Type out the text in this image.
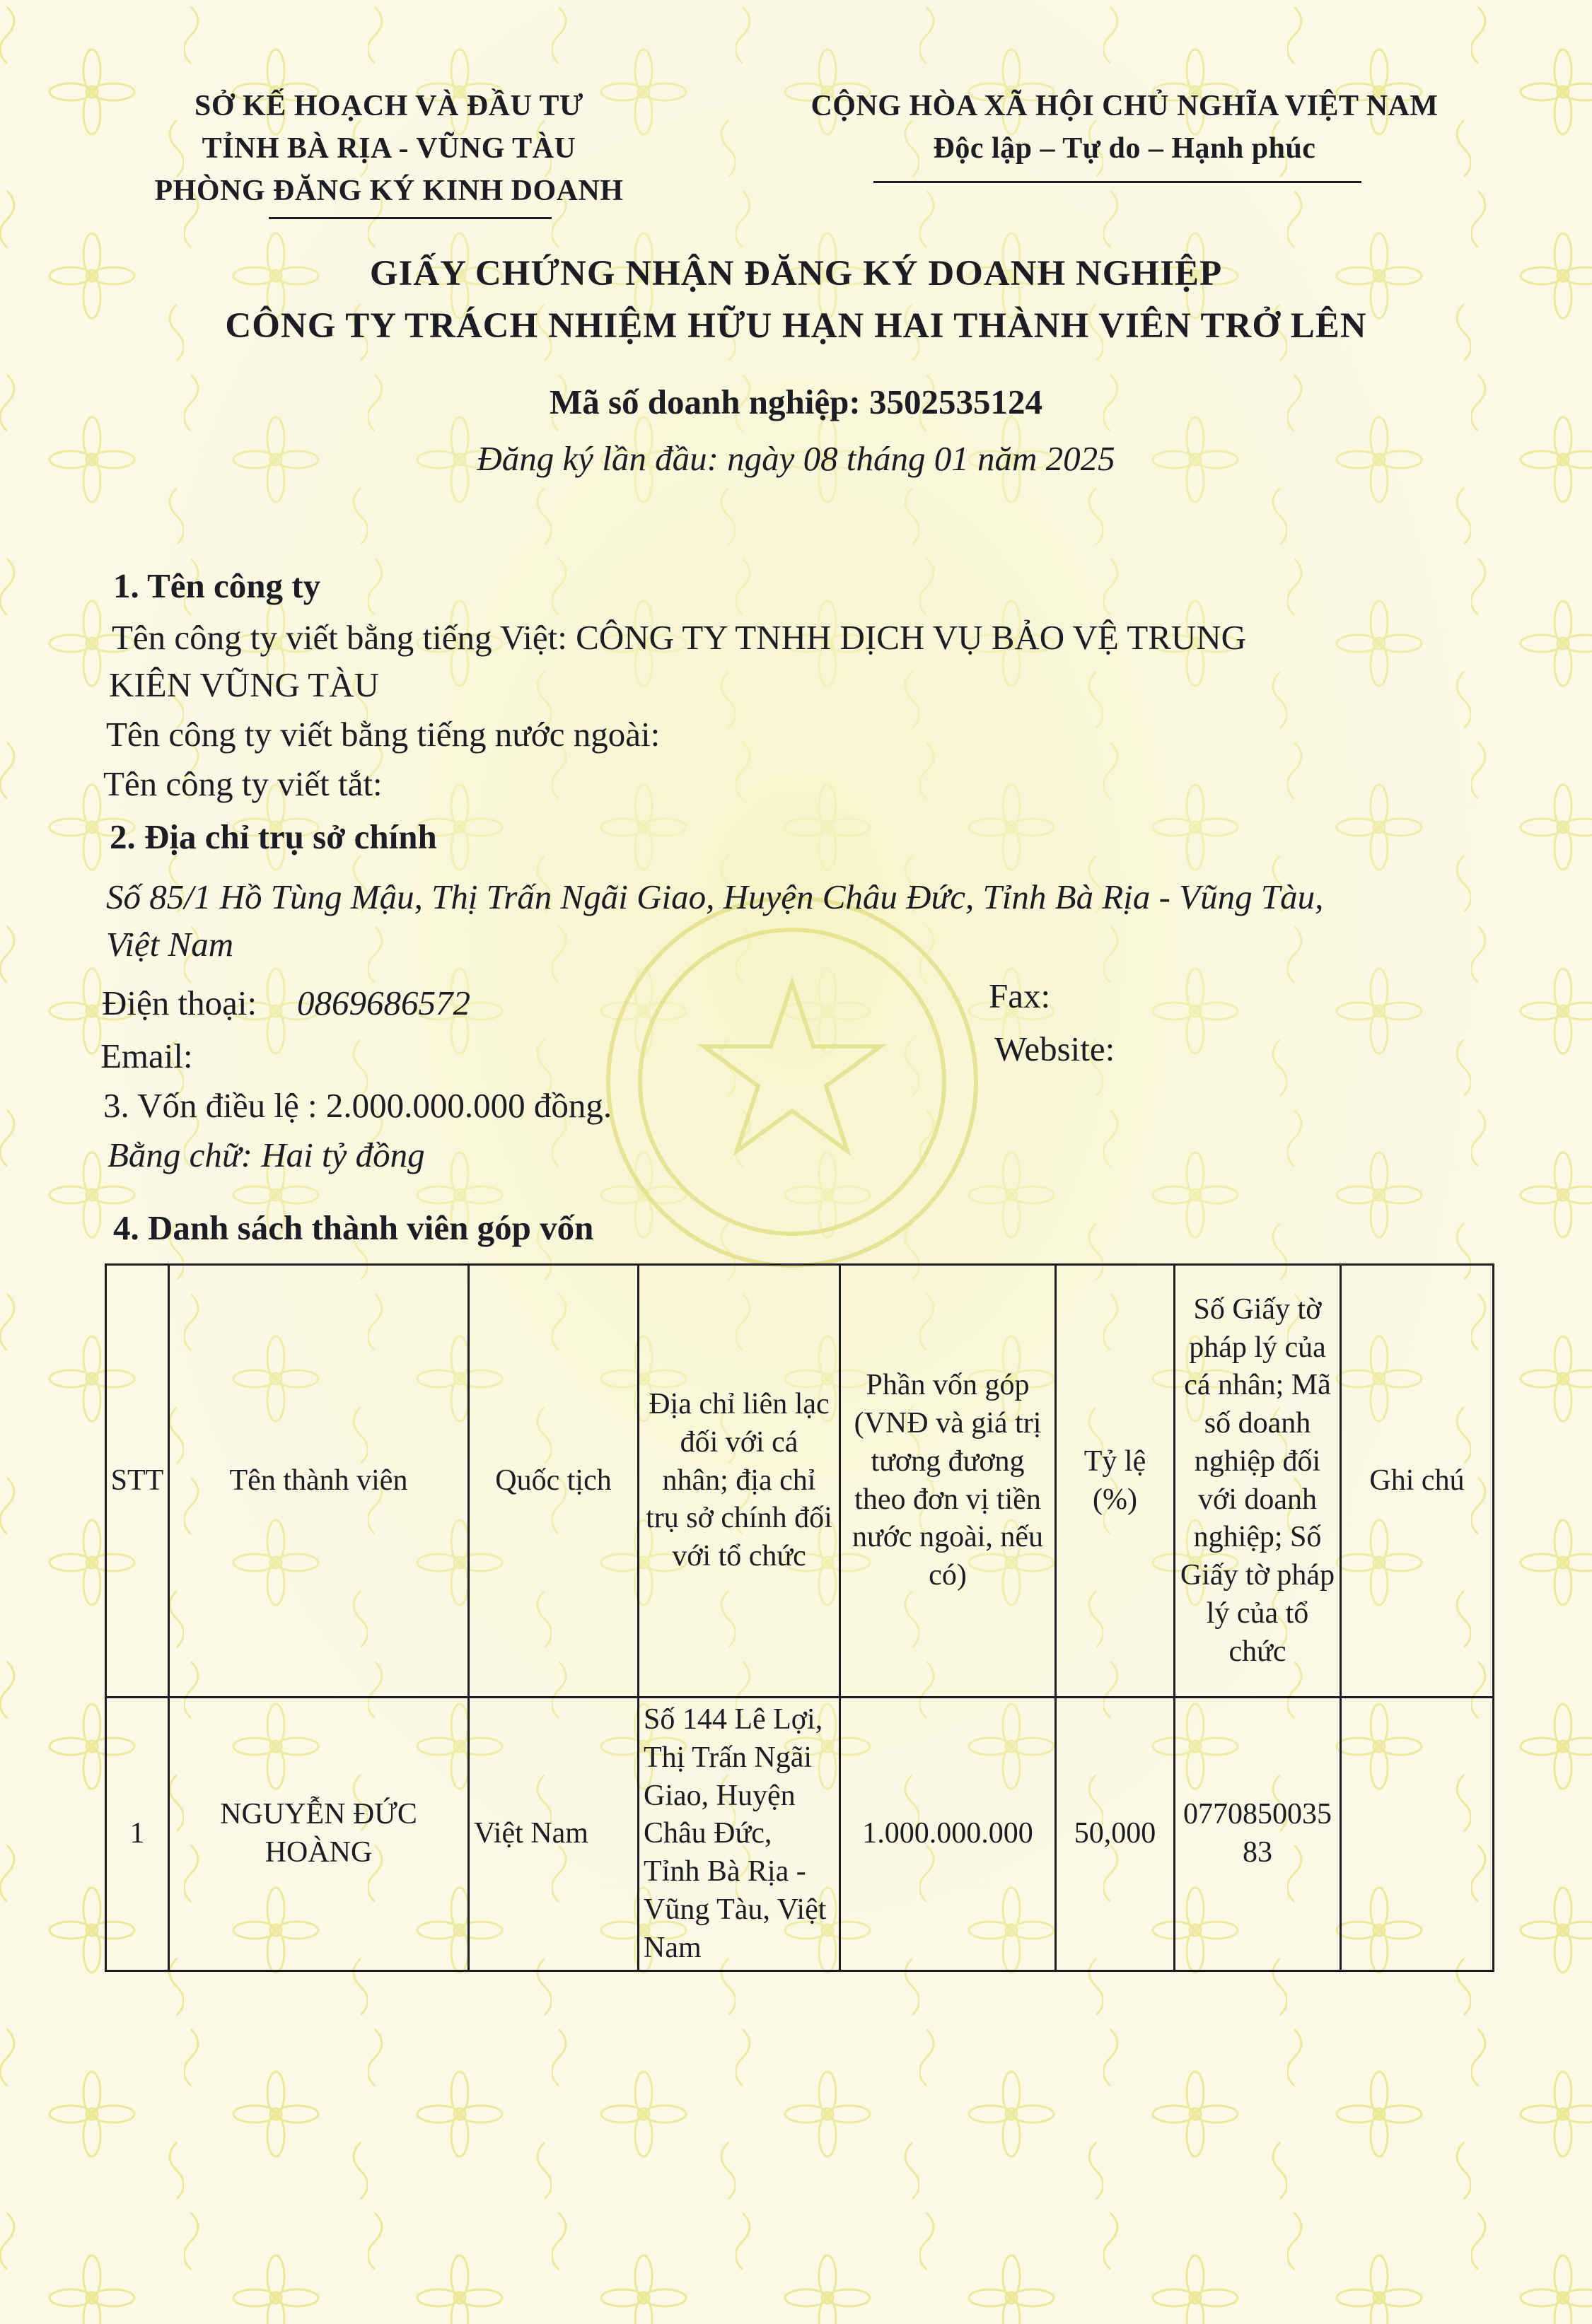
SỞ KẾ HOẠCH VÀ ĐẦU TƯ
TỈNH BÀ RỊA - VŨNG TÀU
PHÒNG ĐĂNG KÝ KINH DOANH
CỘNG HÒA XÃ HỘI CHỦ NGHĨA VIỆT NAM
Độc lập – Tự do – Hạnh phúc
GIẤY CHỨNG NHẬN ĐĂNG KÝ DOANH NGHIỆP
CÔNG TY TRÁCH NHIỆM HỮU HẠN HAI THÀNH VIÊN TRỞ LÊN
Mã số doanh nghiệp: 3502535124
Đăng ký lần đầu: ngày 08 tháng 01 năm 2025
1. Tên công ty
Tên công ty viết bằng tiếng Việt: CÔNG TY TNHH DỊCH VỤ BẢO VỆ TRUNG
KIÊN VŨNG TÀU
Tên công ty viết bằng tiếng nước ngoài:
Tên công ty viết tắt:
2. Địa chỉ trụ sở chính
Số 85/1 Hồ Tùng Mậu, Thị Trấn Ngãi Giao, Huyện Châu Đức, Tỉnh Bà Rịa - Vũng Tàu,
Việt Nam
Điện thoại: 0869686572	Fax:
Email:	Website:
3. Vốn điều lệ : 2.000.000.000 đồng.
Bằng chữ: Hai tỷ đồng
4. Danh sách thành viên góp vốn
STT	Tên thành viên	Quốc tịch	Địa chỉ liên lạc đối với cá nhân; địa chỉ trụ sở chính đối với tổ chức	Phần vốn góp (VNĐ và giá trị tương đương theo đơn vị tiền nước ngoài, nếu có)	Tỷ lệ (%)	Số Giấy tờ pháp lý của cá nhân; Mã số doanh nghiệp đối với doanh nghiệp; Số Giấy tờ pháp lý của tổ chức	Ghi chú
1	NGUYỄN ĐỨC HOÀNG	Việt Nam	Số 144 Lê Lợi, Thị Trấn Ngãi Giao, Huyện Châu Đức, Tỉnh Bà Rịa - Vũng Tàu, Việt Nam	1.000.000.000	50,000	077085003583	
